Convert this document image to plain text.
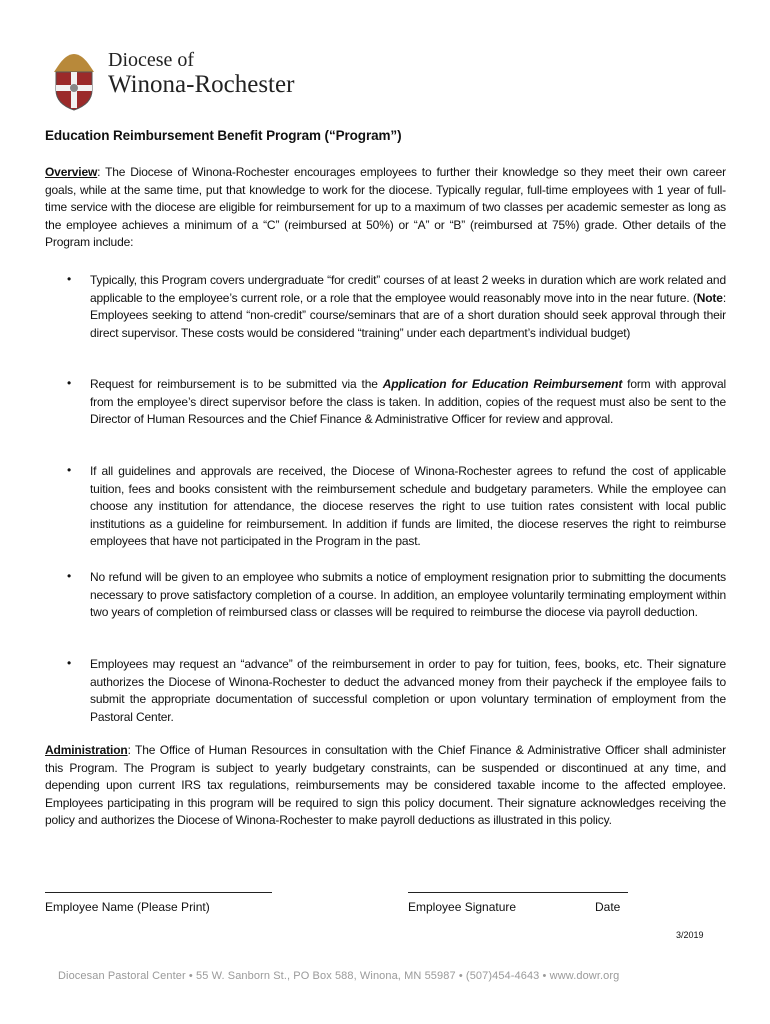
Diocese of
Winona-Rochester
Education Reimbursement Benefit Program (“Program”)
Overview: The Diocese of Winona-Rochester encourages employees to further their knowledge so they meet their own career goals, while at the same time, put that knowledge to work for the diocese. Typically regular, full-time employees with 1 year of full-time service with the diocese are eligible for reimbursement for up to a maximum of two classes per academic semester as long as the employee achieves a minimum of a “C” (reimbursed at 50%) or “A” or “B” (reimbursed at 75%) grade. Other details of the Program include:
• Typically, this Program covers undergraduate “for credit” courses of at least 2 weeks in duration which are work related and applicable to the employee’s current role, or a role that the employee would reasonably move into in the near future. (Note: Employees seeking to attend “non-credit” course/seminars that are of a short duration should seek approval through their direct supervisor. These costs would be considered “training” under each department’s individual budget)
• Request for reimbursement is to be submitted via the Application for Education Reimbursement form with approval from the employee’s direct supervisor before the class is taken. In addition, copies of the request must also be sent to the Director of Human Resources and the Chief Finance & Administrative Officer for review and approval.
• If all guidelines and approvals are received, the Diocese of Winona-Rochester agrees to refund the cost of applicable tuition, fees and books consistent with the reimbursement schedule and budgetary parameters. While the employee can choose any institution for attendance, the diocese reserves the right to use tuition rates consistent with local public institutions as a guideline for reimbursement. In addition if funds are limited, the diocese reserves the right to reimburse employees that have not participated in the Program in the past.
• No refund will be given to an employee who submits a notice of employment resignation prior to submitting the documents necessary to prove satisfactory completion of a course. In addition, an employee voluntarily terminating employment within two years of completion of reimbursed class or classes will be required to reimburse the diocese via payroll deduction.
• Employees may request an “advance” of the reimbursement in order to pay for tuition, fees, books, etc. Their signature authorizes the Diocese of Winona-Rochester to deduct the advanced money from their paycheck if the employee fails to submit the appropriate documentation of successful completion or upon voluntary termination of employment from the Pastoral Center.
Administration: The Office of Human Resources in consultation with the Chief Finance & Administrative Officer shall administer this Program. The Program is subject to yearly budgetary constraints, can be suspended or discontinued at any time, and depending upon current IRS tax regulations, reimbursements may be considered taxable income to the affected employee. Employees participating in this program will be required to sign this policy document. Their signature acknowledges receiving the policy and authorizes the Diocese of Winona-Rochester to make payroll deductions as illustrated in this policy.
Employee Name (Please Print)	Employee Signature	Date
3/2019
Diocesan Pastoral Center • 55 W. Sanborn St., PO Box 588, Winona, MN 55987 • (507)454-4643 • www.dowr.org
